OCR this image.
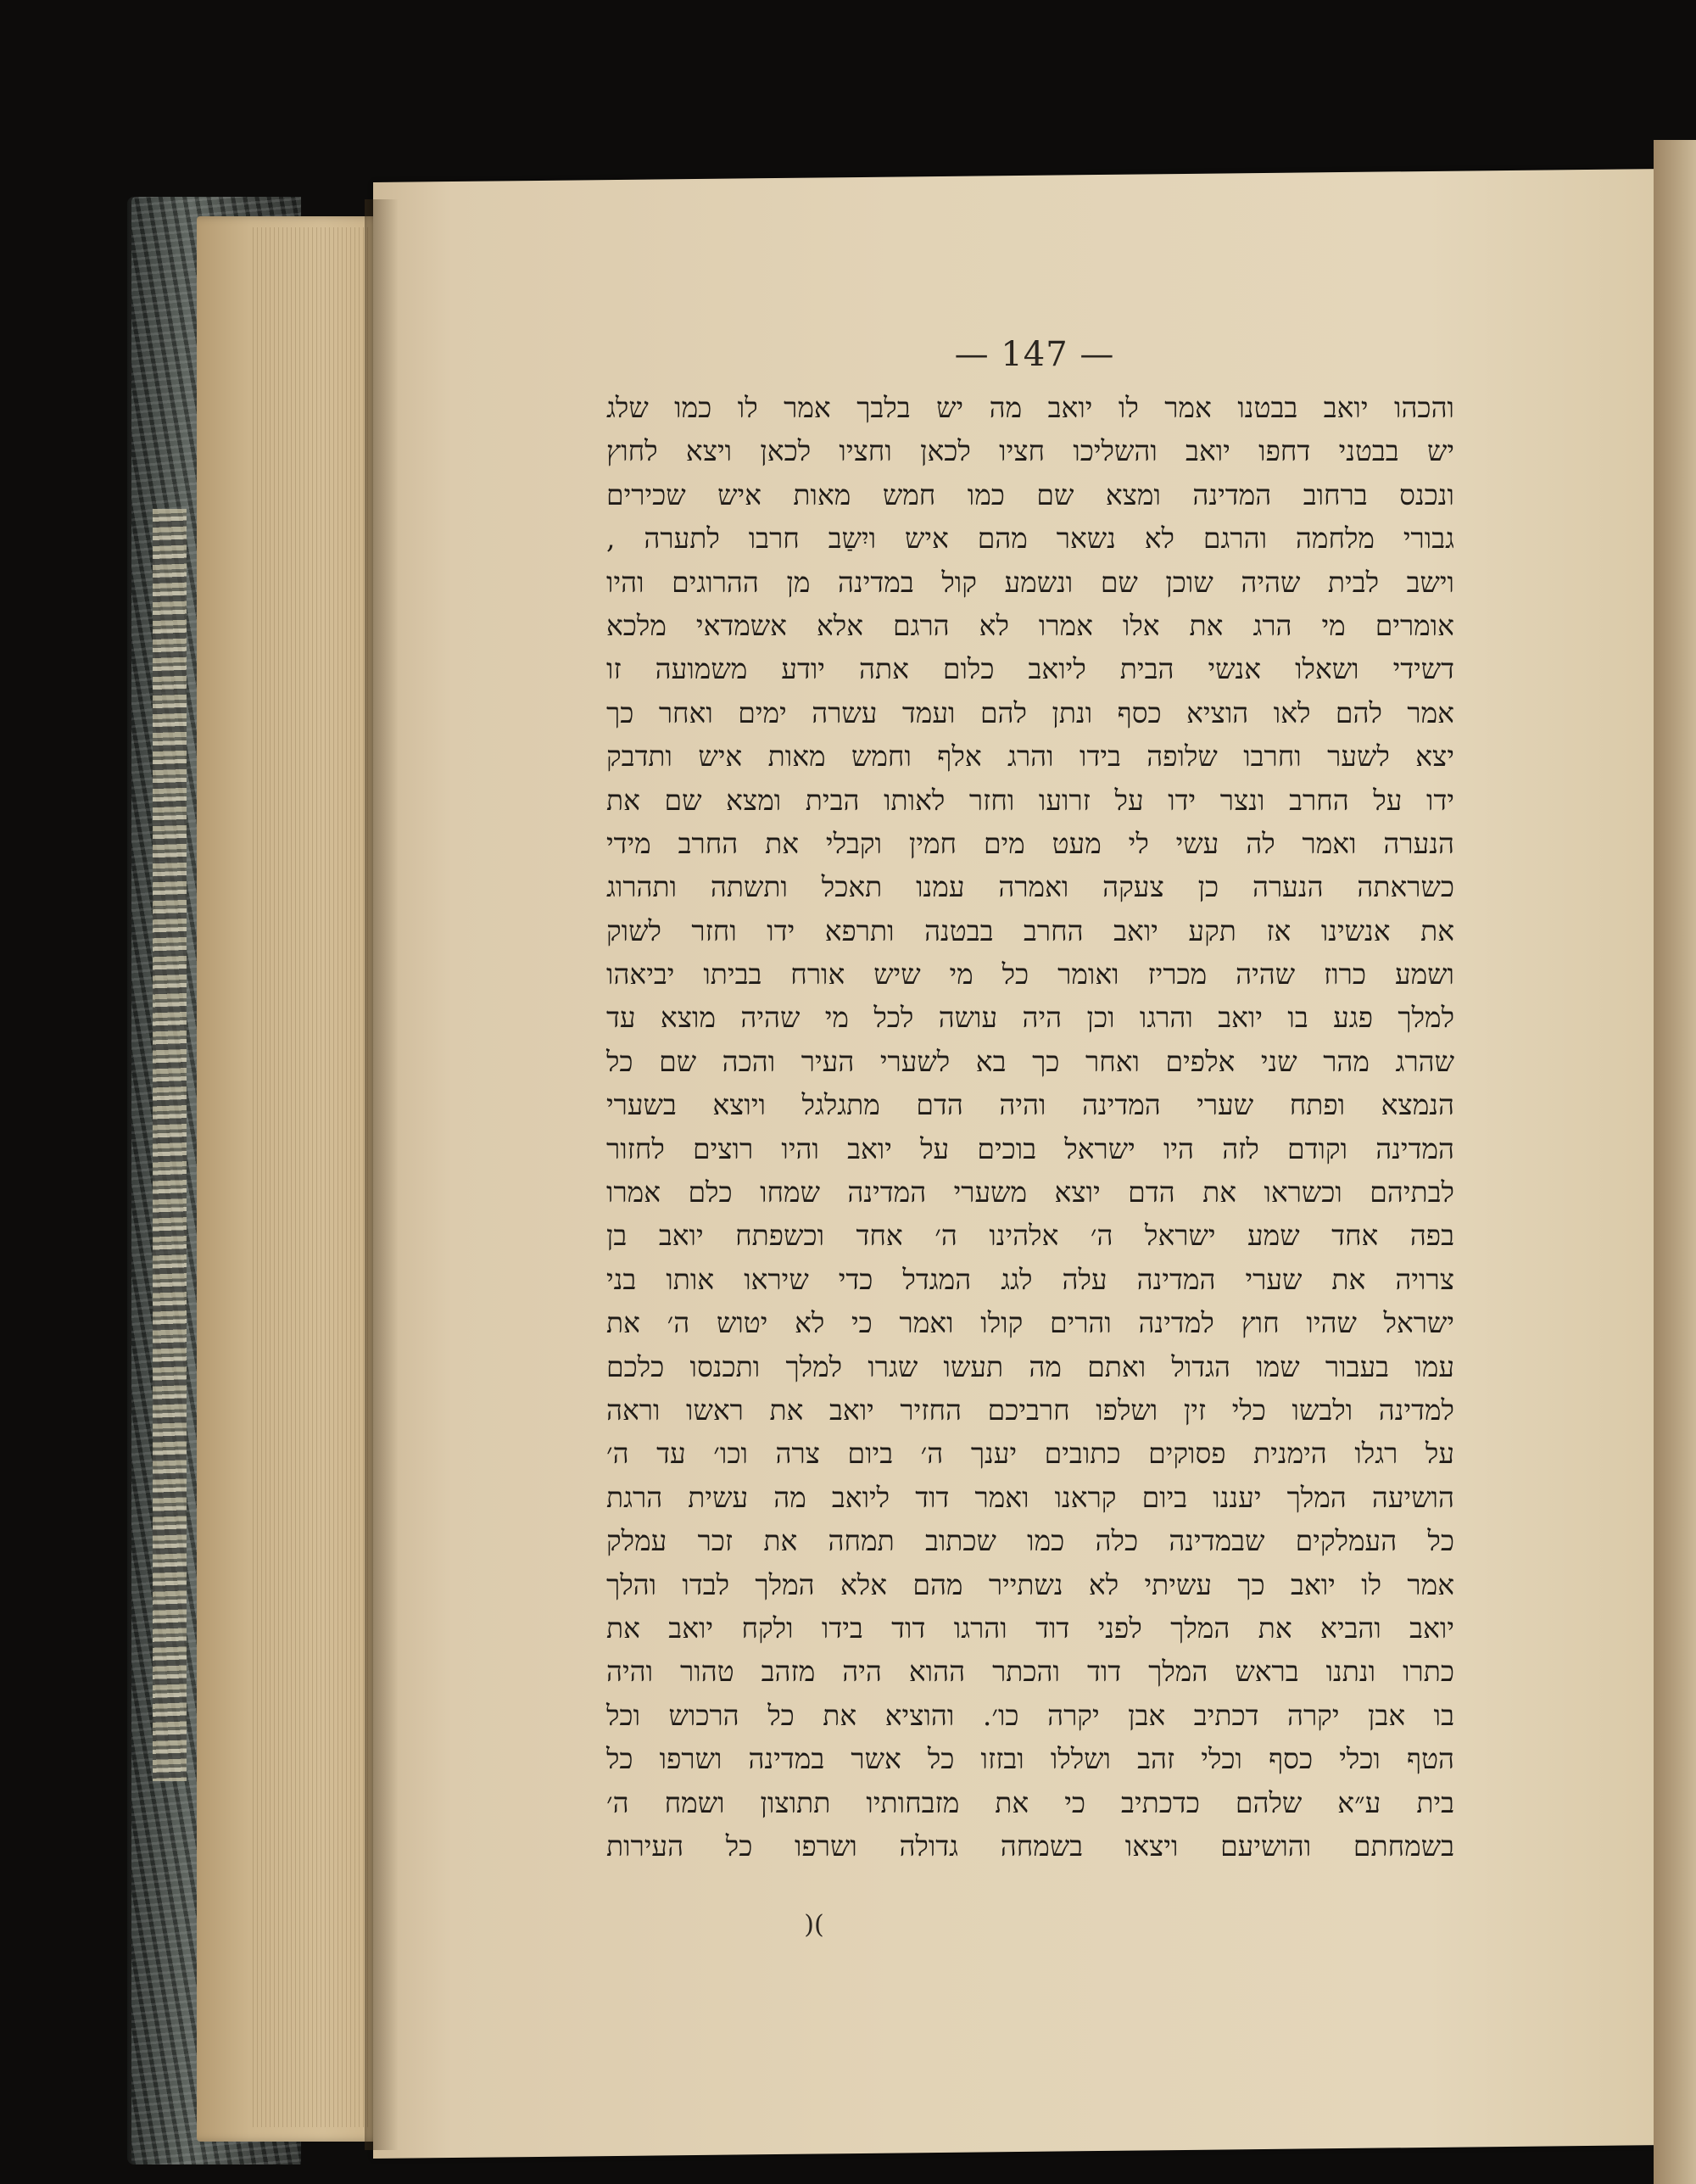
— 147 —
והכהו יואב בבטנו אמר לו יואב מה יש בלבך אמר לו כמו שלג
יש בבטני דחפו יואב והשליכו חציו לכאן וחציו לכאן ויצא לחוץ
ונכנס ברחוב המדינה ומצא שם כמו חמש מאות איש שכירים
גבורי מלחמה והרגם לא נשאר מהם איש ויִשַב חרבו לתערה ,
וישב לבית שהיה שוכן שם ונשמע קול במדינה מן ההרוגים והיו
אומרים מי הרג את אלו אמרו לא הרגם אלא אשמדאי מלכא
דשידי ושאלו אנשי הבית ליואב כלום אתה יודע משמועה זו
אמר להם לאו הוציא כסף ונתן להם ועמד עשרה ימים ואחר כך
יצא לשער וחרבו שלופה בידו והרג אלף וחמש מאות איש ותדבק
ידו על החרב ונצר ידו על זרועו וחזר לאותו הבית ומצא שם את
הנערה ואמר לה עשי לי מעט מים חמין וקבלי את החרב מידי
כשראתה הנערה כן צעקה ואמרה עמנו תאכל ותשתה ותהרוג
את אנשינו אז תקע יואב החרב בבטנה ותרפא ידו וחזר לשוק
ושמע כרוז שהיה מכריז ואומר כל מי שיש אורח בביתו יביאהו
למלך פגע בו יואב והרגו וכן היה עושה לכל מי שהיה מוצא עד
שהרג מהר שני אלפים ואחר כך בא לשערי העיר והכה שם כל
הנמצא ופתח שערי המדינה והיה הדם מתגלגל ויוצא בשערי
המדינה וקודם לזה היו ישראל בוכים על יואב והיו רוצים לחזור
לבתיהם וכשראו את הדם יוצא משערי המדינה שמחו כלם אמרו
בפה אחד שמע ישראל ה׳ אלהינו ה׳ אחד וכשפתח יואב בן
צרויה את שערי המדינה עלה לגג המגדל כדי שיראו אותו בני
ישראל שהיו חוץ למדינה והרים קולו ואמר כי לא יטוש ה׳ את
עמו בעבור שמו הגדול ואתם מה תעשו שגרו למלך ותכנסו כלכם
למדינה ולבשו כלי זין ושלפו חרביכם החזיר יואב את ראשו וראה
על רגלו הימנית פסוקים כתובים יענך ה׳ ביום צרה וכו׳ עד ה׳
הושיעה המלך יעננו ביום קראנו ואמר דוד ליואב מה עשית הרגת
כל העמלקים שבמדינה כלה כמו שכתוב תמחה את זכר עמלק
אמר לו יואב כך עשיתי לא נשתייר מהם אלא המלך לבדו והלך
יואב והביא את המלך לפני דוד והרגו דוד בידו ולקח יואב את
כתרו ונתנו בראש המלך דוד והכתר ההוא היה מזהב טהור והיה
בו אבן יקרה דכתיב אבן יקרה כו׳. והוציא את כל הרכוש וכל
הטף וכלי כסף וכלי זהב ושללו ובזזו כל אשר במדינה ושרפו כל
בית ע״א שלהם כדכתיב כי את מזבחותיו תתוצון ושמח ה׳
בשמחתם והושיעם ויצאו בשמחה גדולה ושרפו כל העירות
)(
